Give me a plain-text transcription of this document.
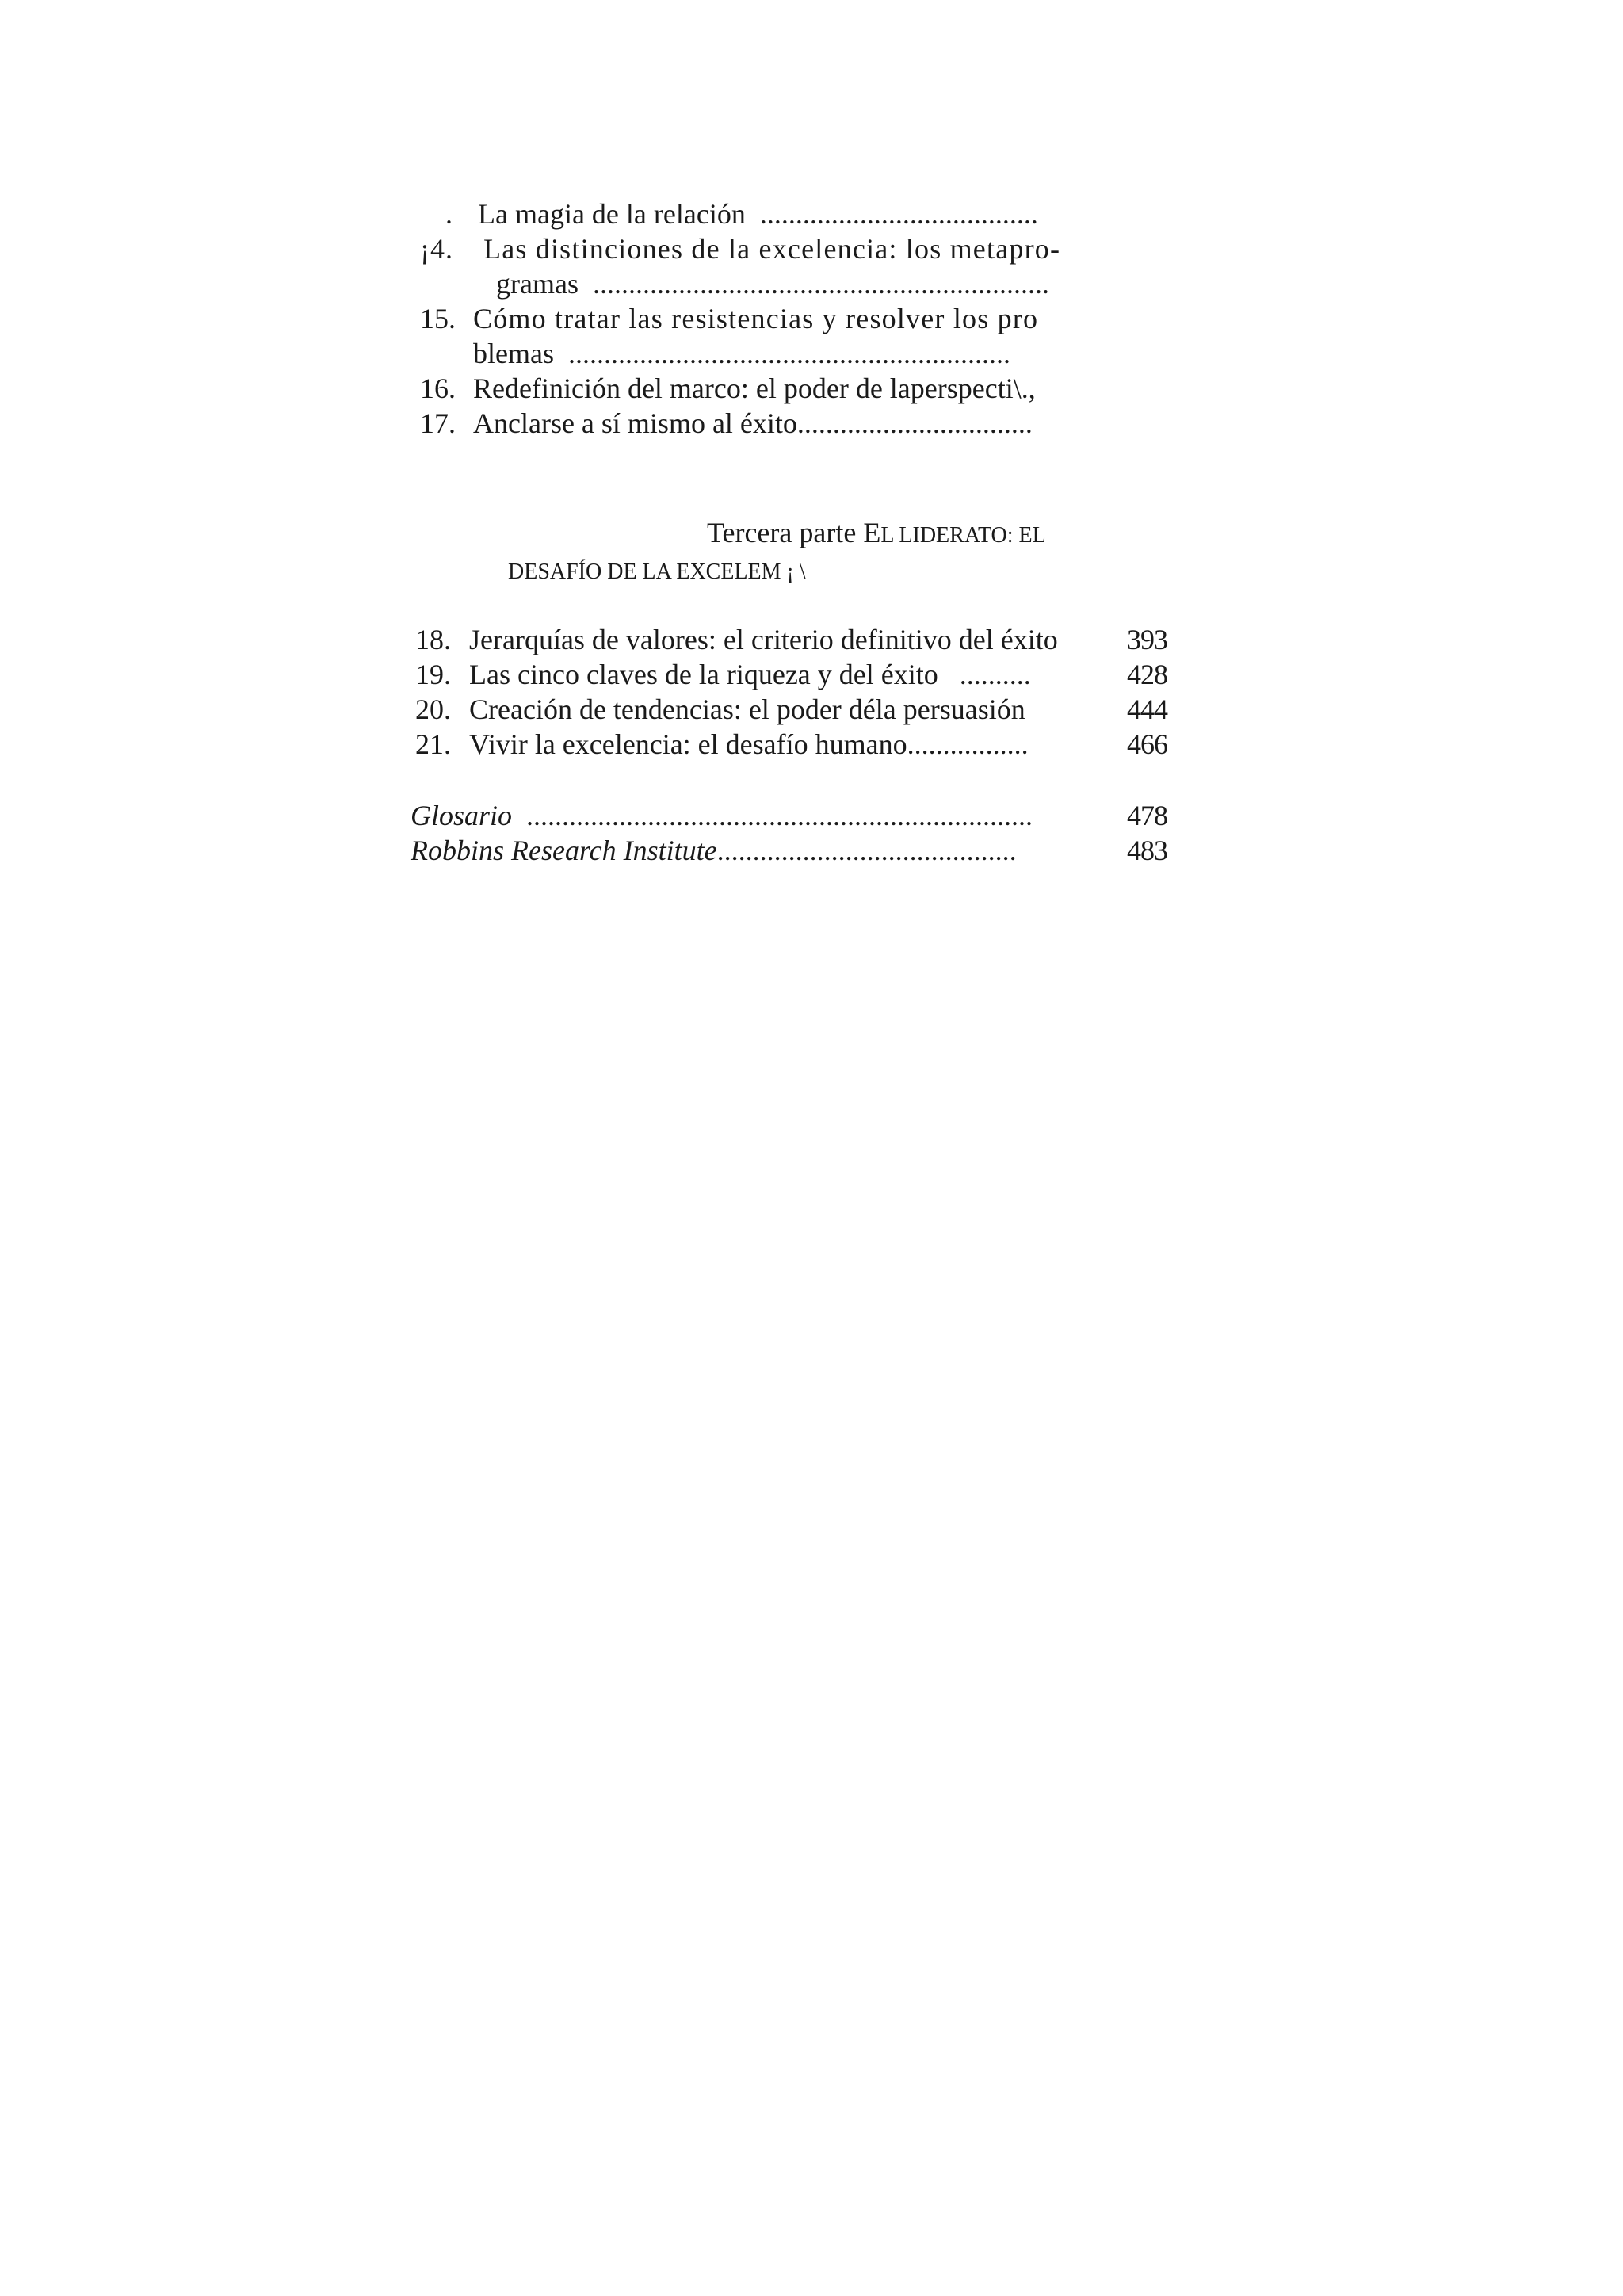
. La magia de la relación .......................................
¡4. Las distinciones de la excelencia: los metapro-
gramas ................................................................
15. Cómo tratar las resistencias y resolver los pro
blemas ..............................................................
16. Redefinición del marco: el poder de laperspecti\.,
17. Anclarse a sí mismo al éxito.................................
Tercera parte EL LIDERATO: EL
DESAFÍO DE LA EXCELEM ¡ \
18. Jerarquías de valores: el criterio definitivo del éxito	393
19. Las cinco claves de la riqueza y del éxito ..........	428
20. Creación de tendencias: el poder déla persuasión	444
21. Vivir la excelencia: el desafío humano.................	466
Glosario .......................................................................	478
Robbins Research Institute..........................................	483
